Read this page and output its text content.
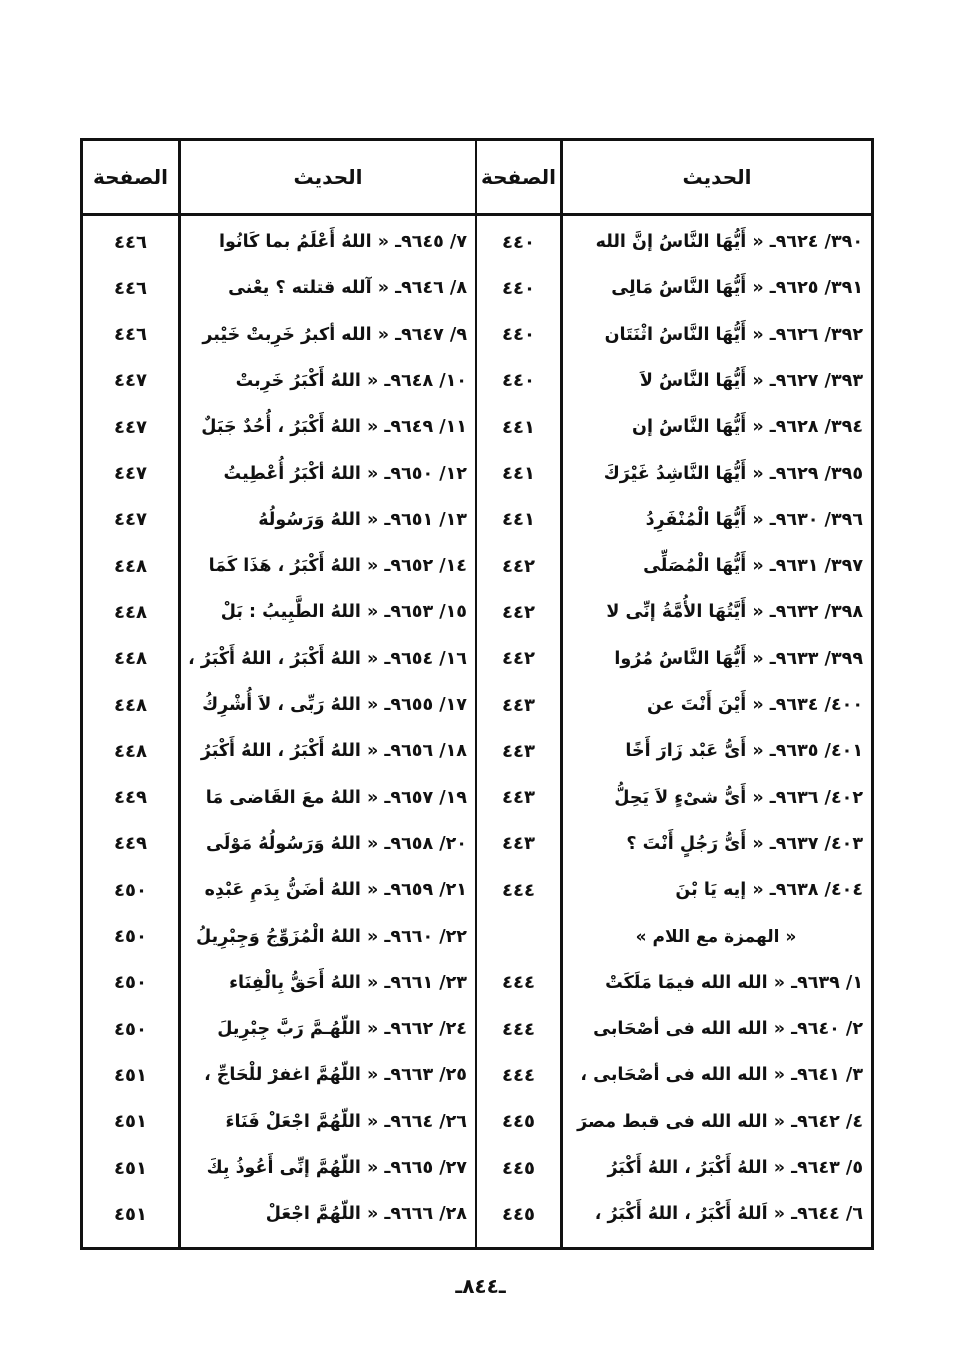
الحديث
الصفحة
الحديث
الصفحة
٣٩٠/ ٩٦٢٤ـ « أَيُّهَا النَّاسُ إنَّ الله
٤٤٠
٣٩١/ ٩٦٢٥ـ « أَيُّهَا النَّاسُ مَالِى
٤٤٠
٣٩٢/ ٩٦٢٦ـ « أَيُّهَا النَّاسُ اثْنَتَان
٤٤٠
٣٩٣/ ٩٦٢٧ـ « أَيُّهَا النَّاسُ لاَ
٤٤٠
٣٩٤/ ٩٦٢٨ـ « أَيُّهَا النَّاسُ إن
٤٤١
٣٩٥/ ٩٦٢٩ـ « أَيُّهَا النَّاشِدُ غَيْرَكَ
٤٤١
٣٩٦/ ٩٦٣٠ـ « أَيُّهَا الْمُنْفَرِدُ
٤٤١
٣٩٧/ ٩٦٣١ـ « أَيُّهَا الْمُصَلِّى
٤٤٢
٣٩٨/ ٩٦٣٢ـ « أَيَّتُهَا الأُمَّةُ إنِّى لا
٤٤٢
٣٩٩/ ٩٦٣٣ـ « أَيُّهَا النَّاسُ مُرُوا
٤٤٢
٤٠٠/ ٩٦٣٤ـ « أَيْنَ أَنْتَ عن
٤٤٣
٤٠١/ ٩٦٣٥ـ « أَىُّ عَبْد زَارَ أَخًا
٤٤٣
٤٠٢/ ٩٦٣٦ـ « أَىُّ شىْءٍ لاَ يَحِلُّ
٤٤٣
٤٠٣/ ٩٦٣٧ـ « أَىُّ رَجُلٍ أَنْتَ ؟
٤٤٣
٤٠٤/ ٩٦٣٨ـ « إيه يَا بْنَ
٤٤٤
« الهمزة مع اللام »
١/ ٩٦٣٩ـ « الله الله فيمَا مَلَكَتْ
٤٤٤
٢/ ٩٦٤٠ـ « الله الله فى أصْحَابى
٤٤٤
٣/ ٩٦٤١ـ « الله الله فى أصْحَابى ،
٤٤٤
٤/ ٩٦٤٢ـ « الله الله فى قبط مصرَ
٤٤٥
٥/ ٩٦٤٣ـ « اللهُ أَكْبَرُ ، اللهُ أَكْبَرُ
٤٤٥
٦/ ٩٦٤٤ـ « اَللهُ أَكْبَرُ ، اللهُ أَكْبَرُ ،
٤٤٥
٧/ ٩٦٤٥ـ « اللهُ أَعْلَمُ بما كَانُوا
٤٤٦
٨/ ٩٦٤٦ـ « آلله قتلته ؟ يعْنى
٤٤٦
٩/ ٩٦٤٧ـ « الله أكبرُ خَرِبتْ خَيْبر
٤٤٦
١٠/ ٩٦٤٨ـ « اللهُ أَكْبَرُ خَرِبتْ
٤٤٧
١١/ ٩٦٤٩ـ « اللهُ أَكْبَرُ ، أُحُدٌ جَبَلٌ
٤٤٧
١٢/ ٩٦٥٠ـ « اللهُ أكْبَرُ أُعْطِيتُ
٤٤٧
١٣/ ٩٦٥١ـ « اللهُ وَرَسُولُهُ
٤٤٧
١٤/ ٩٦٥٢ـ « اللهُ أَكْبَرُ ، هَذَا كَمَا
٤٤٨
١٥/ ٩٦٥٣ـ « اللهُ الطَّبِيبُ : بَلْ
٤٤٨
١٦/ ٩٦٥٤ـ « اللهُ أَكْبَرُ ، اللهُ أَكْبَرُ ،
٤٤٨
١٧/ ٩٦٥٥ـ « اللهُ رَبِّى ، لاَ أُشْرِكُ
٤٤٨
١٨/ ٩٦٥٦ـ « اللهُ أَكْبَرُ ، اللهُ أَكْبَرُ
٤٤٨
١٩/ ٩٦٥٧ـ « اللهُ معَ القَاضى مَا
٤٤٩
٢٠/ ٩٦٥٨ـ « اللهُ وَرَسُولُهُ مَوْلَى
٤٤٩
٢١/ ٩٦٥٩ـ « اللهُ أضَنُّ بِدَمِ عَبْدِه
٤٥٠
٢٢/ ٩٦٦٠ـ « اللهُ الْمُزَوِّجُ وَجِبْرِيلُ
٤٥٠
٢٣/ ٩٦٦١ـ « اللهُ أَحَقُّ بِالْفِنَاء
٤٥٠
٢٤/ ٩٦٦٢ـ « اللّهُـمَّ رَبَّ جِبْرِيلَ
٤٥٠
٢٥/ ٩٦٦٣ـ « اللّهُمَّ اغفرْ للْحَاجِّ ،
٤٥١
٢٦/ ٩٦٦٤ـ « اللّهُمَّ اجْعَلْ فَنَاءَ
٤٥١
٢٧/ ٩٦٦٥ـ « اللّهُمَّ إنِّى أَعُوذُ بِكَ
٤٥١
٢٨/ ٩٦٦٦ـ « اللّهُمَّ اجْعَلْ
٤٥١
ـ٨٤٤ـ
